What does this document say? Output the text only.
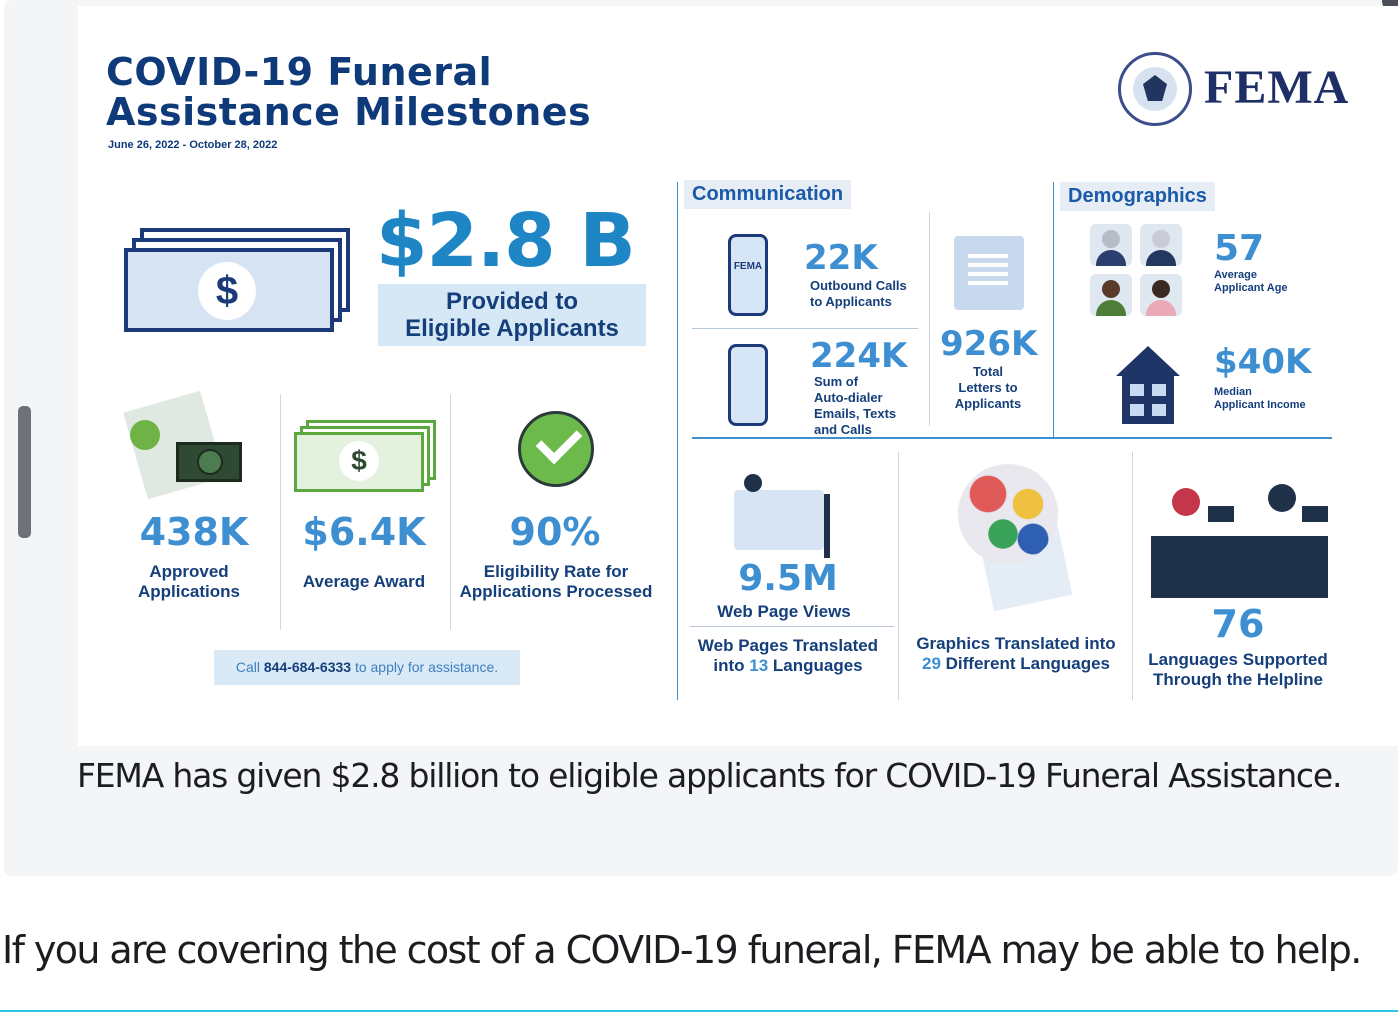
COVID-19 Funeral
Assistance Milestones
June 26, 2022 - October 28, 2022
FEMA
$
$2.8 B
Provided to
Eligible Applicants
$
438K
Approved
Applications
$6.4K
Average Award
90%
Eligibility Rate for
Applications Processed
Call 844-684-6333 to apply for assistance.
Communication
FEMA 22K
Outbound Calls
to Applicants
224K
Sum of
Auto-dialer
Emails, Texts
and Calls
926K
Total
Letters to
Applicants
Demographics
57
Average
Applicant Age
$40K
Median
Applicant Income
9.5M
Web Page Views
Web Pages Translated
into 13 Languages
Graphics Translated into
29 Different Languages
76
Languages Supported
Through the Helpline
FEMA has given $2.8 billion to eligible applicants for COVID-19 Funeral Assistance.
If you are covering the cost of a COVID-19 funeral, FEMA may be able to help.
